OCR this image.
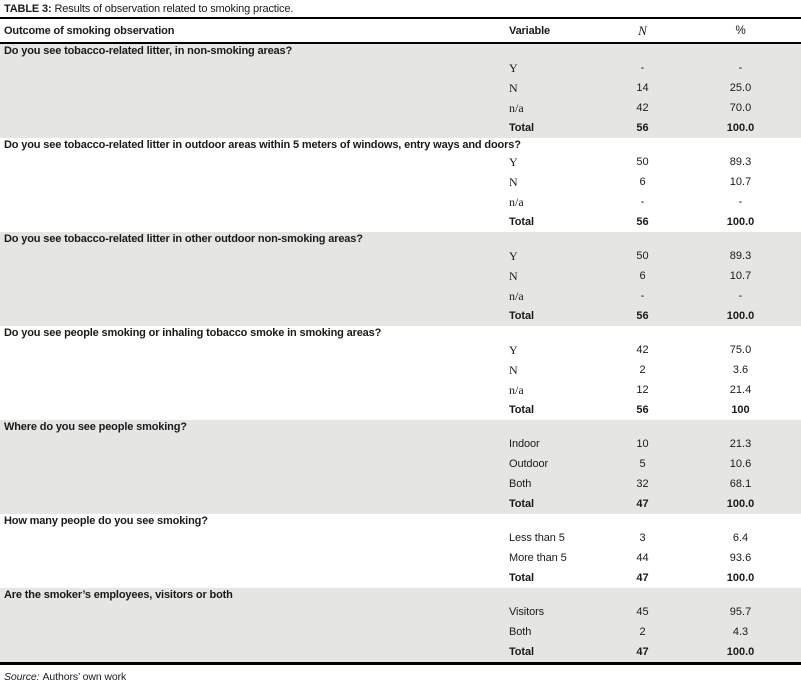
TABLE 3: Results of observation related to smoking practice.
Outcome of smoking observation	Variable	N	%
Do you see tobacco-related litter, in non-smoking areas?
Y	-	-
N	14	25.0
n/a	42	70.0
Total	56	100.0
Do you see tobacco-related litter in outdoor areas within 5 meters of windows, entry ways and doors?
Y	50	89.3
N	6	10.7
n/a	-	-
Total	56	100.0
Do you see tobacco-related litter in other outdoor non-smoking areas?
Y	50	89.3
N	6	10.7
n/a	-	-
Total	56	100.0
Do you see people smoking or inhaling tobacco smoke in smoking areas?
Y	42	75.0
N	2	3.6
n/a	12	21.4
Total	56	100
Where do you see people smoking?
Indoor	10	21.3
Outdoor	5	10.6
Both	32	68.1
Total	47	100.0
How many people do you see smoking?
Less than 5	3	6.4
More than 5	44	93.6
Total	47	100.0
Are the smoker’s employees, visitors or both
Visitors	45	95.7
Both	2	4.3
Total	47	100.0
Source: Authors’ own work
